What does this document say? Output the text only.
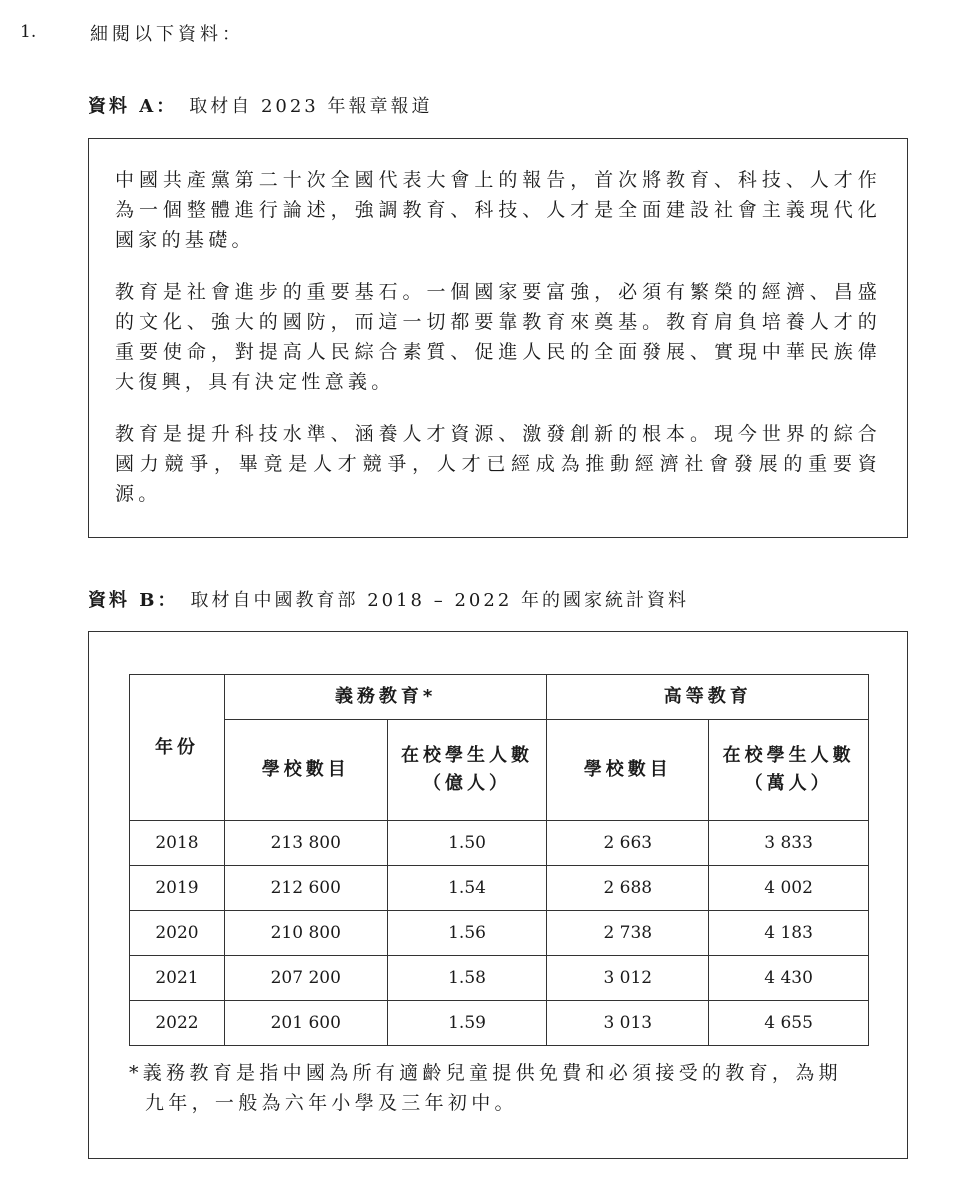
1.	細閱以下資料：
資料 A： 取材自 2023 年報章報道

中國共產黨第二十次全國代表大會上的報告，首次將教育、科技、人才作為一個整體進行論述，強調教育、科技、人才是全面建設社會主義現代化國家的基礎。

教育是社會進步的重要基石。一個國家要富強，必須有繁榮的經濟、昌盛的文化、強大的國防，而這一切都要靠教育來奠基。教育肩負培養人才的重要使命，對提高人民綜合素質、促進人民的全面發展、實現中華民族偉大復興，具有決定性意義。

教育是提升科技水準、涵養人才資源、激發創新的根本。現今世界的綜合國力競爭，畢竟是人才競爭，人才已經成為推動經濟社會發展的重要資源。

資料 B： 取材自中國教育部 2018 – 2022 年的國家統計資料
年份	義務教育*		高等教育	
	學校數目	在校學生人數（億人）	學校數目	在校學生人數（萬人）
2018	213 800	1.50	2 663	3 833
2019	212 600	1.54	2 688	4 002
2020	210 800	1.56	2 738	4 183
2021	207 200	1.58	3 012	4 430
2022	201 600	1.59	3 013	4 655
*義務教育是指中國為所有適齡兒童提供免費和必須接受的教育，為期
九年，一般為六年小學及三年初中。
